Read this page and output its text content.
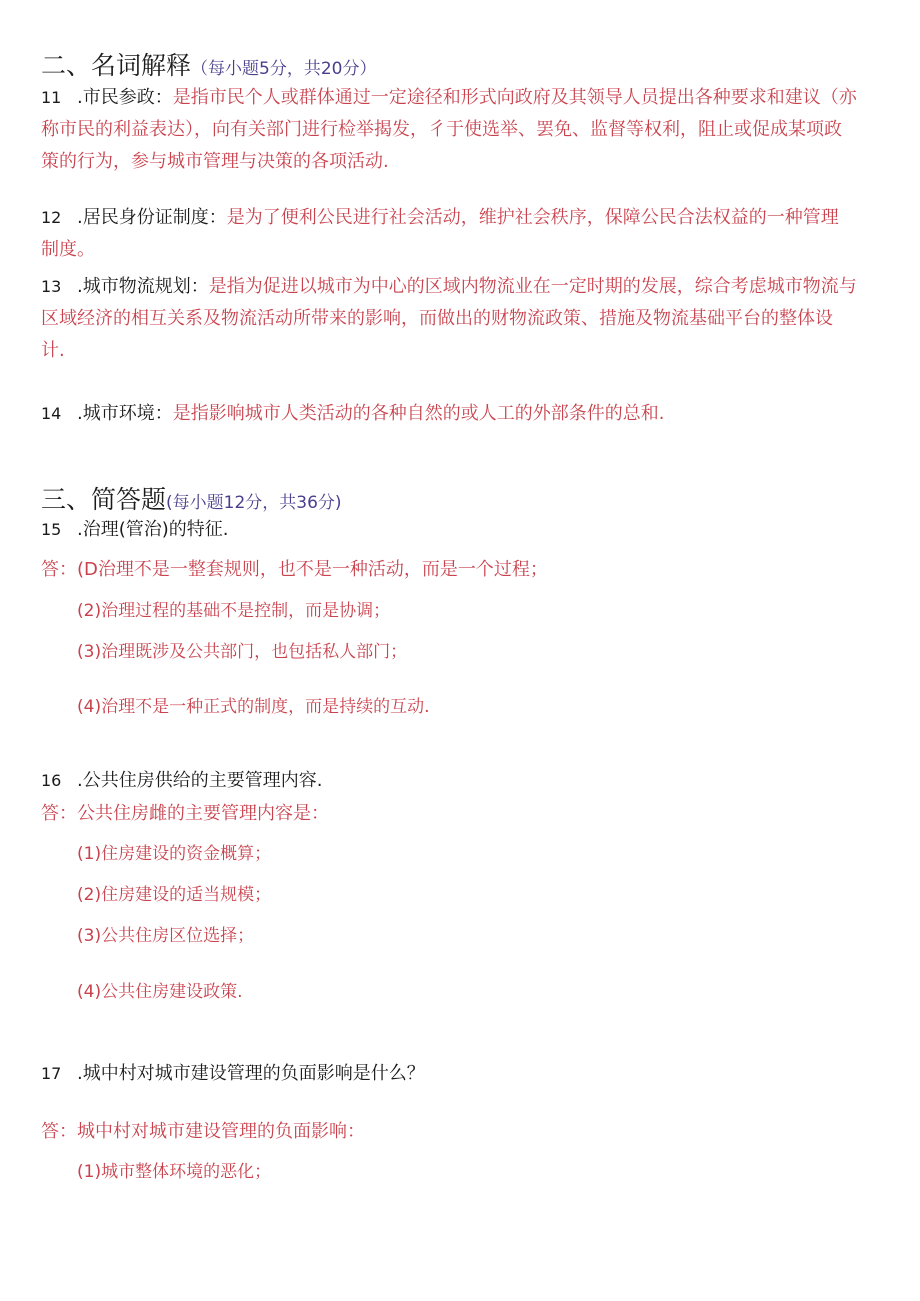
二、名词解释（每小题5分，共20分）
11 .市民参政：是指市民个人或群体通过一定途径和形式向政府及其领导人员提出各种要求和建议（亦
称市民的利益表达），向有关部门进行检举揭发，彳于使选举、罢免、监督等权利，阻止或促成某项政
策的行为，参与城市管理与决策的各项活动.
12 .居民身份证制度：是为了便利公民进行社会活动，维护社会秩序，保障公民合法权益的一种管理
制度。
13 .城市物流规划：是指为促进以城市为中心的区域内物流业在一定时期的发展，综合考虑城市物流与
区域经济的相互关系及物流活动所带来的影响，而做出的财物流政策、措施及物流基础平台的整体设
计.
14 .城市环境：是指影响城市人类活动的各种自然的或人工的外部条件的总和.
三、简答题(每小题12分，共36分)
15 .治理(管治)的特征.
答：(D治理不是一整套规则，也不是一种活动，而是一个过程；
(2)治理过程的基础不是控制，而是协调；
(3)治理既涉及公共部门，也包括私人部门；
(4)治理不是一种正式的制度，而是持续的互动.
16 .公共住房供给的主要管理内容.
答：公共住房雌的主要管理内容是：
(1)住房建设的资金概算；
(2)住房建设的适当规模；
(3)公共住房区位选择；
(4)公共住房建设政策.
17 .城中村对城市建设管理的负面影响是什么？
答：城中村对城市建设管理的负面影响：
(1)城市整体环境的恶化；
